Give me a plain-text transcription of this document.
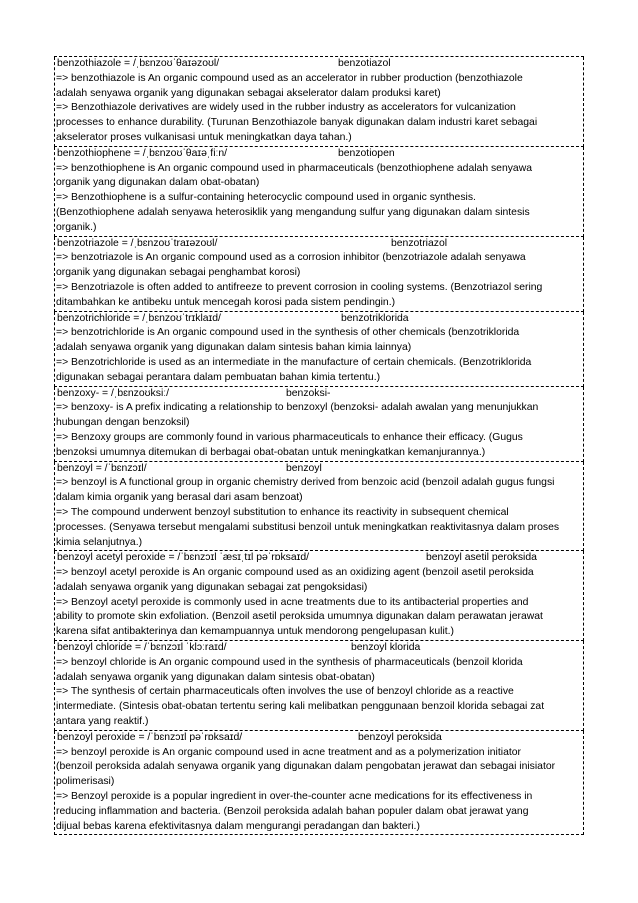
benzothiazole = /ˌbɛnzoʊˈθaɪəzoʊl/	benzotiazol
=> benzothiazole is An organic compound used as an accelerator in rubber production (benzothiazole
adalah senyawa organik yang digunakan sebagai akselerator dalam produksi karet)
=> Benzothiazole derivatives are widely used in the rubber industry as accelerators for vulcanization
processes to enhance durability. (Turunan Benzothiazole banyak digunakan dalam industri karet sebagai
akselerator proses vulkanisasi untuk meningkatkan daya tahan.)
benzothiophene = /ˌbɛnzoʊˈθaɪəˌfiːn/	benzotiopen
=> benzothiophene is An organic compound used in pharmaceuticals (benzothiophene adalah senyawa
organik yang digunakan dalam obat-obatan)
=> Benzothiophene is a sulfur-containing heterocyclic compound used in organic synthesis.
(Benzothiophene adalah senyawa heterosiklik yang mengandung sulfur yang digunakan dalam sintesis
organik.)
benzotriazole = /ˌbɛnzoʊˈtraɪəzoʊl/	benzotriazol
=> benzotriazole is An organic compound used as a corrosion inhibitor (benzotriazole adalah senyawa
organik yang digunakan sebagai penghambat korosi)
=> Benzotriazole is often added to antifreeze to prevent corrosion in cooling systems. (Benzotriazol sering
ditambahkan ke antibeku untuk mencegah korosi pada sistem pendingin.)
benzotrichloride = /ˌbɛnzoʊˈtrɪklaɪd/	benzotriklorida
=> benzotrichloride is An organic compound used in the synthesis of other chemicals (benzotriklorida
adalah senyawa organik yang digunakan dalam sintesis bahan kimia lainnya)
=> Benzotrichloride is used as an intermediate in the manufacture of certain chemicals. (Benzotriklorida
digunakan sebagai perantara dalam pembuatan bahan kimia tertentu.)
benzoxy- = /ˌbɛnzoʊksiː/	benzoksi-
=> benzoxy- is A prefix indicating a relationship to benzoxyl (benzoksi- adalah awalan yang menunjukkan
hubungan dengan benzoksil)
=> Benzoxy groups are commonly found in various pharmaceuticals to enhance their efficacy. (Gugus
benzoksi umumnya ditemukan di berbagai obat-obatan untuk meningkatkan kemanjurannya.)
benzoyl = /ˈbɛnzɔɪl/	benzoyl
=> benzoyl is A functional group in organic chemistry derived from benzoic acid (benzoil adalah gugus fungsi
dalam kimia organik yang berasal dari asam benzoat)
=> The compound underwent benzoyl substitution to enhance its reactivity in subsequent chemical
processes. (Senyawa tersebut mengalami substitusi benzoil untuk meningkatkan reaktivitasnya dalam proses
kimia selanjutnya.)
benzoyl acetyl peroxide = /ˈbɛnzɔɪl ˈæsɪˌtɪl pəˈrɒksaɪd/	benzoyl asetil peroksida
=> benzoyl acetyl peroxide is An organic compound used as an oxidizing agent (benzoil asetil peroksida
adalah senyawa organik yang digunakan sebagai zat pengoksidasi)
=> Benzoyl acetyl peroxide is commonly used in acne treatments due to its antibacterial properties and
ability to promote skin exfoliation. (Benzoil asetil peroksida umumnya digunakan dalam perawatan jerawat
karena sifat antibakterinya dan kemampuannya untuk mendorong pengelupasan kulit.)
benzoyl chloride = /ˈbɛnzɔɪl ˈklɔːraɪd/	benzoyl klorida
=> benzoyl chloride is An organic compound used in the synthesis of pharmaceuticals (benzoil klorida
adalah senyawa organik yang digunakan dalam sintesis obat-obatan)
=> The synthesis of certain pharmaceuticals often involves the use of benzoyl chloride as a reactive
intermediate. (Sintesis obat-obatan tertentu sering kali melibatkan penggunaan benzoil klorida sebagai zat
antara yang reaktif.)
benzoyl peroxide = /ˈbɛnzɔɪl pəˈrɒksaɪd/	benzoyl peroksida
=> benzoyl peroxide is An organic compound used in acne treatment and as a polymerization initiator
(benzoil peroksida adalah senyawa organik yang digunakan dalam pengobatan jerawat dan sebagai inisiator
polimerisasi)
=> Benzoyl peroxide is a popular ingredient in over-the-counter acne medications for its effectiveness in
reducing inflammation and bacteria. (Benzoil peroksida adalah bahan populer dalam obat jerawat yang
dijual bebas karena efektivitasnya dalam mengurangi peradangan dan bakteri.)
